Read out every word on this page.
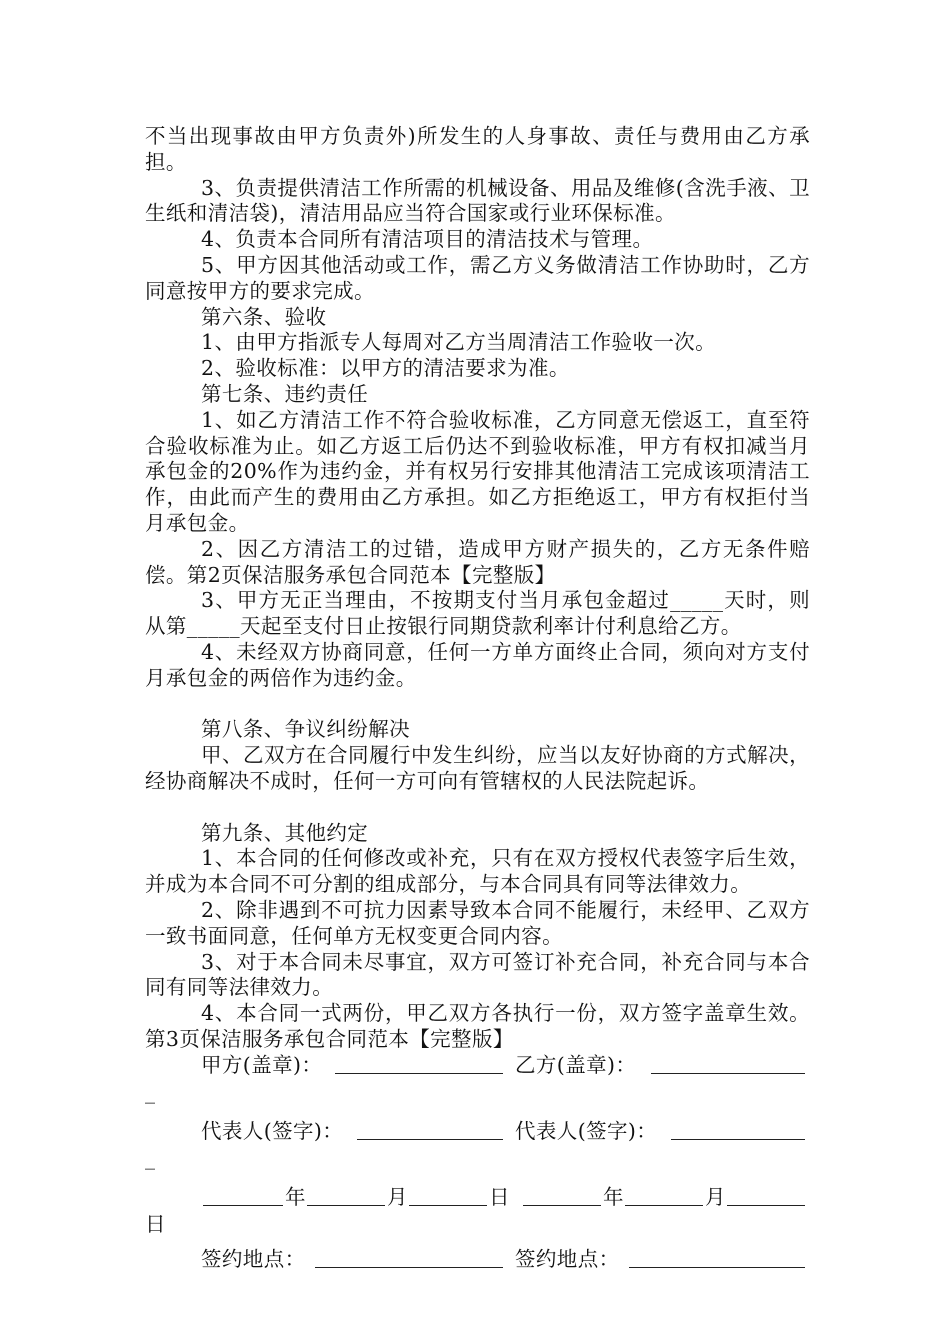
不当出现事故由甲方负责外)所发生的人身事故、责任与费用由乙方承担。

3、负责提供清洁工作所需的机械设备、用品及维修(含洗手液、卫生纸和清洁袋)，清洁用品应当符合国家或行业环保标准。

4、负责本合同所有清洁项目的清洁技术与管理。

5、甲方因其他活动或工作，需乙方义务做清洁工作协助时，乙方同意按甲方的要求完成。

第六条、验收

1、由甲方指派专人每周对乙方当周清洁工作验收一次。

2、验收标准：以甲方的清洁要求为准。

第七条、违约责任

1、如乙方清洁工作不符合验收标准，乙方同意无偿返工，直至符合验收标准为止。如乙方返工后仍达不到验收标准，甲方有权扣减当月承包金的20%作为违约金，并有权另行安排其他清洁工完成该项清洁工作，由此而产生的费用由乙方承担。如乙方拒绝返工，甲方有权拒付当月承包金。

2、因乙方清洁工的过错，造成甲方财产损失的，乙方无条件赔偿。第2页保洁服务承包合同范本【完整版】

3、甲方无正当理由，不按期支付当月承包金超过_____天时，则从第_____天起至支付日止按银行同期贷款利率计付利息给乙方。

4、未经双方协商同意，任何一方单方面终止合同，须向对方支付月承包金的两倍作为违约金。

第八条、争议纠纷解决

甲、乙双方在合同履行中发生纠纷，应当以友好协商的方式解决，经协商解决不成时，任何一方可向有管辖权的人民法院起诉。

第九条、其他约定

1、本合同的任何修改或补充，只有在双方授权代表签字后生效，并成为本合同不可分割的组成部分，与本合同具有同等法律效力。

2、除非遇到不可抗力因素导致本合同不能履行，未经甲、乙双方一致书面同意，任何单方无权变更合同内容。

3、对于本合同未尽事宜，双方可签订补充合同，补充合同与本合同有同等法律效力。

4、本合同一式两份，甲乙双方各执行一份，双方签字盖章生效。第3页保洁服务承包合同范本【完整版】

甲方(盖章)：	乙方(盖章)：
_
代表人(签字)：	代表人(签字)：
_
年	月	日	年	月
日
签约地点：	签约地点：
